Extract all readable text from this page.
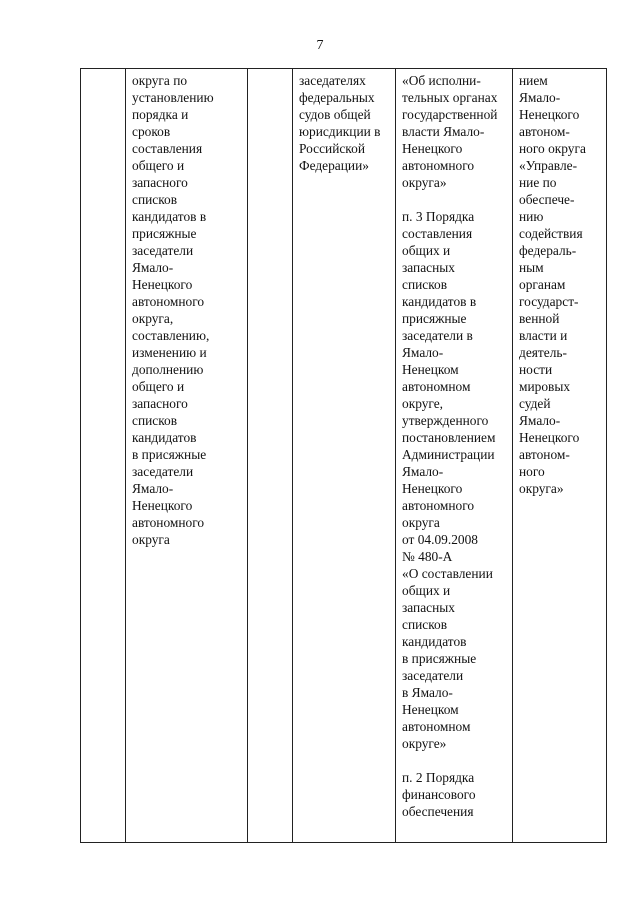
7
	округа по
установлению
порядка и
сроков
составления
общего и
запасного
списков
кандидатов в
присяжные
заседатели
Ямало-
Ненецкого
автономного
округа,
составлению,
изменению и
дополнению
общего и
запасного
списков
кандидатов
в присяжные
заседатели
Ямало-
Ненецкого
автономного
округа		заседателях
федеральных
судов общей
юрисдикции в
Российской
Федерации»	«Об исполни-
тельных органах
государственной
власти Ямало-
Ненецкого
автономного
округа»

п. 3 Порядка
составления
общих и
запасных
списков
кандидатов в
присяжные
заседатели в
Ямало-
Ненецком
автономном
округе,
утвержденного
постановлением
Администрации
Ямало-
Ненецкого
автономного
округа
от 04.09.2008
№ 480-А
«О составлении
общих и
запасных
списков
кандидатов
в присяжные
заседатели
в Ямало-
Ненецком
автономном
округе»

п. 2 Порядка
финансового
обеспечения	нием
Ямало-
Ненецкого
автоном-
ного округа
«Управле-
ние по
обеспече-
нию
содействия
федераль-
ным
органам
государст-
венной
власти и
деятель-
ности
мировых
судей
Ямало-
Ненецкого
автоном-
ного
округа»
